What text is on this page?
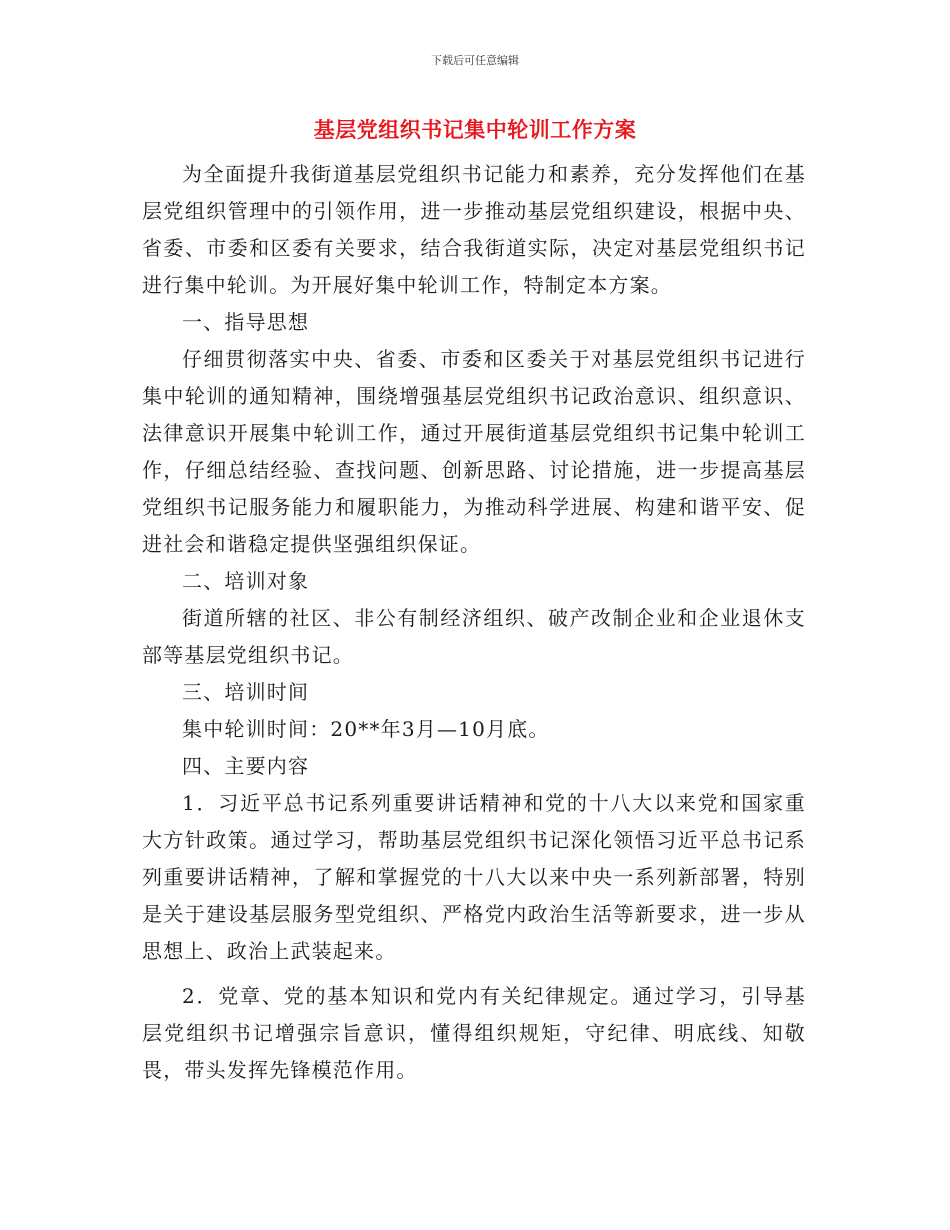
下载后可任意编辑
基层党组织书记集中轮训工作方案

为全面提升我街道基层党组织书记能力和素养，充分发挥他们在基层党组织管理中的引领作用，进一步推动基层党组织建设，根据中央、省委、市委和区委有关要求，结合我街道实际，决定对基层党组织书记进行集中轮训。为开展好集中轮训工作，特制定本方案。

一、指导思想

仔细贯彻落实中央、省委、市委和区委关于对基层党组织书记进行集中轮训的通知精神，围绕增强基层党组织书记政治意识、组织意识、法律意识开展集中轮训工作，通过开展街道基层党组织书记集中轮训工作，仔细总结经验、查找问题、创新思路、讨论措施，进一步提高基层党组织书记服务能力和履职能力，为推动科学进展、构建和谐平安、促进社会和谐稳定提供坚强组织保证。

二、培训对象

街道所辖的社区、非公有制经济组织、破产改制企业和企业退休支部等基层党组织书记。

三、培训时间

集中轮训时间：20**年3月—10月底。

四、主要内容

1．习近平总书记系列重要讲话精神和党的十八大以来党和国家重大方针政策。通过学习，帮助基层党组织书记深化领悟习近平总书记系列重要讲话精神，了解和掌握党的十八大以来中央一系列新部署，特别是关于建设基层服务型党组织、严格党内政治生活等新要求，进一步从思想上、政治上武装起来。

2．党章、党的基本知识和党内有关纪律规定。通过学习，引导基层党组织书记增强宗旨意识，懂得组织规矩，守纪律、明底线、知敬畏，带头发挥先锋模范作用。
